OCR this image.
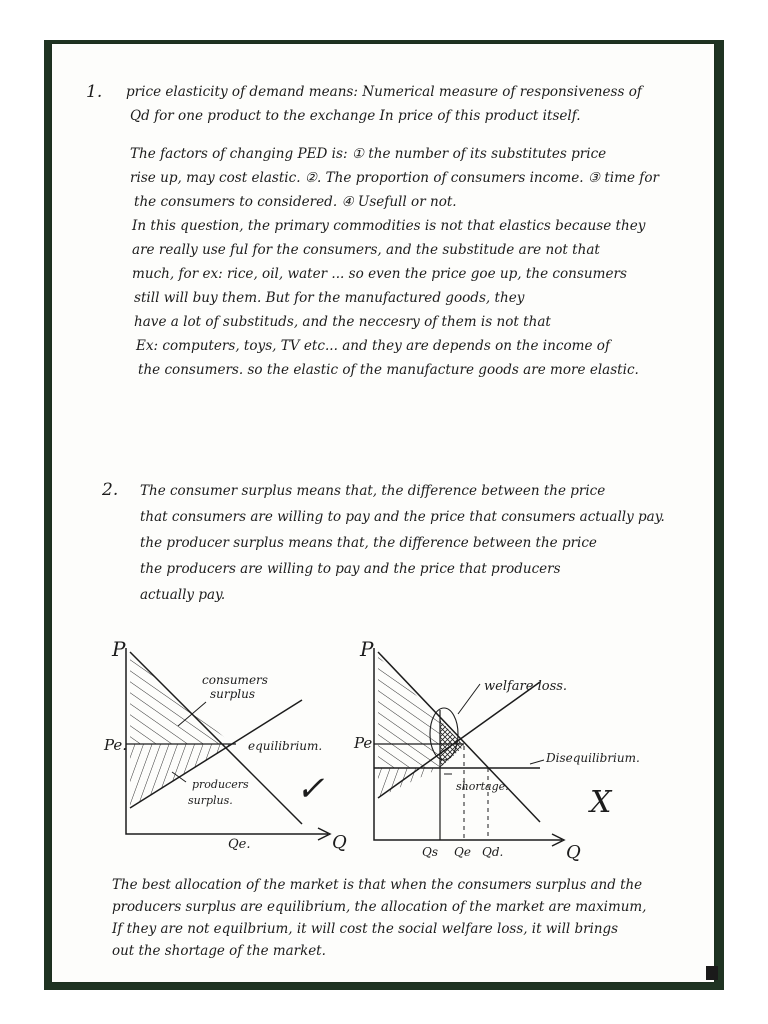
1. price elasticity of demand means: Numerical measure of responsiveness of
Qd for one product to the exchange In price of this product itself.
The factors of changing PED is: ① the number of its substitutes price
rise up, may cost elastic. ②. The proportion of consumers income. ③ time for
the consumers to considered. ④ Usefull or not.
In this question, the primary commodities is not that elastics because they
are really use ful for the consumers, and the substitude are not that
much, for ex: rice, oil, water ... so even the price goe up, the consumers
still will buy them. But for the manufactured goods, they
have a lot of substituds, and the neccesry of them is not that
Ex: computers, toys, TV etc... and they are depends on the income of
the consumers. so the elastic of the manufacture goods are more elastic.
2. The consumer surplus means that, the difference between the price
that consumers are willing to pay and the price that consumers actually pay.
the producer surplus means that, the difference between the price
the producers are willing to pay and the price that producers
actually pay.
P
Q
Pe.
Qe.
consumers
surplus
equilibrium.
producers
surplus. ✓
P
Q
Pe
welfare loss.
Disequilibrium.
shortage.
Qs Qe Qd.
X
The best allocation of the market is that when the consumers surplus and the
producers surplus are equilibrium, the allocation of the market are maximum,
If they are not equilbrium, it will cost the social welfare loss, it will brings
out the shortage of the market.
